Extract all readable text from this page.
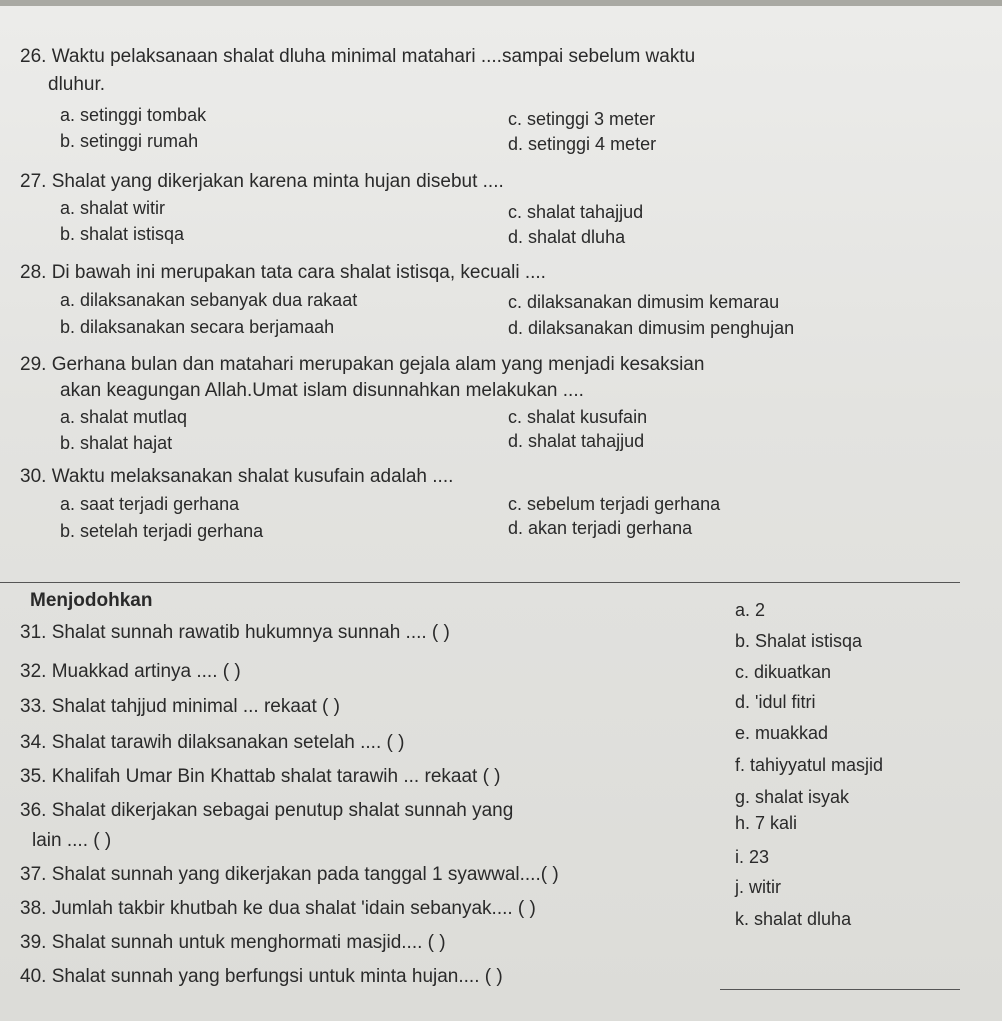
26. Waktu pelaksanaan shalat dluha minimal matahari ....sampai sebelum waktu
dluhur.
a. setinggi tombak	c. setinggi 3 meter
b. setinggi rumah	d. setinggi 4 meter
27. Shalat yang dikerjakan karena minta hujan disebut ....
a. shalat witir	c. shalat tahajjud
b. shalat istisqa	d. shalat dluha
28. Di bawah ini merupakan tata cara shalat istisqa, kecuali ....
a. dilaksanakan sebanyak dua rakaat	c. dilaksanakan dimusim kemarau
b. dilaksanakan secara berjamaah	d. dilaksanakan dimusim penghujan
29. Gerhana bulan dan matahari merupakan gejala alam yang menjadi kesaksian
akan keagungan Allah.Umat islam disunnahkan melakukan ....
a. shalat mutlaq	c. shalat kusufain
b. shalat hajat	d. shalat tahajjud
30. Waktu melaksanakan shalat kusufain adalah ....
a. saat terjadi gerhana	c. sebelum terjadi gerhana
b. setelah terjadi gerhana	d. akan terjadi gerhana
Menjodohkan
31. Shalat sunnah rawatib hukumnya sunnah .... ( )
32. Muakkad artinya .... ( )
33. Shalat tahjjud minimal ... rekaat ( )
34. Shalat tarawih dilaksanakan setelah .... ( )
35. Khalifah Umar Bin Khattab shalat tarawih ... rekaat ( )
36. Shalat dikerjakan sebagai penutup shalat sunnah yang
lain .... ( )
37. Shalat sunnah yang dikerjakan pada tanggal 1 syawwal....( )
38. Jumlah takbir khutbah ke dua shalat 'idain sebanyak.... ( )
39. Shalat sunnah untuk menghormati masjid.... ( )
40. Shalat sunnah yang berfungsi untuk minta hujan.... ( )
a. 2
b. Shalat istisqa
c. dikuatkan
d. 'idul fitri
e. muakkad
f. tahiyyatul masjid
g. shalat isyak
h. 7 kali
i. 23
j. witir
k. shalat dluha
